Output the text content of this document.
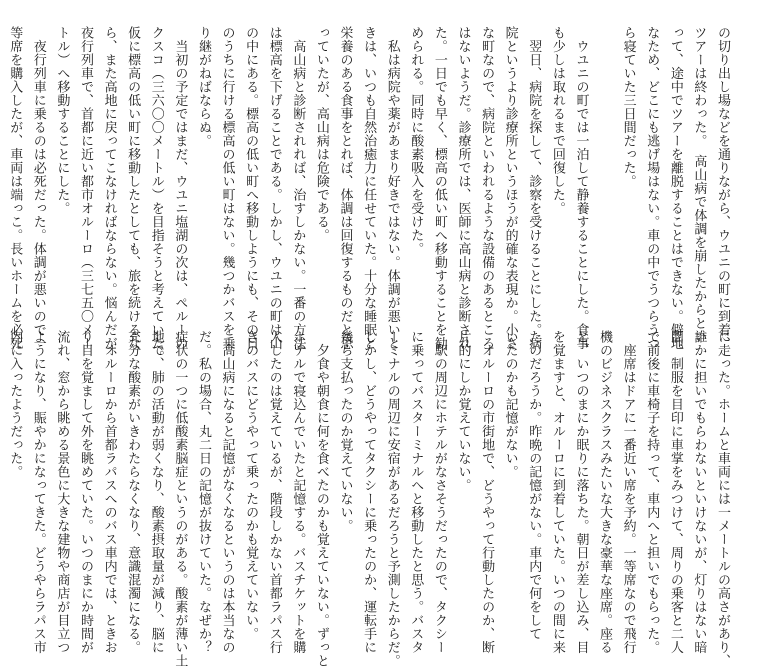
の切り出し場などを通りながら、ウユニの町に到着、
ツアーは終わった。　高山病で体調を崩したからとい
って、途中でツアーを離脱することはできない。僻地
なため、どこにも逃げ場はない。車の中でうつらうつ
ら寝ていた三日間だった。

　ウユニの町では一泊して静養することにした。食事
も少しは取れるまで回復した。
　翌日、病院を探して、診察を受けることにした。病
院というより診療所というほうが的確な表現か。小さ
な町なので、病院といわれるような設備のあるところ
はないようだ。診療所では、医師に高山病と診断され
た。一日でも早く、標高の低い町へ移動することを勧
められる。同時に酸素吸入を受けた。
　私は病院や薬があまり好きではない。体調が悪いと
きは、いつも自然治癒力に任せていた。十分な睡眠と
栄養のある食事をとれば、体調は回復するものだと思
っていたが、高山病は危険である。
　高山病と診断されれば、治すしかない。一番の方法
は標高を下げることである。しかし、ウユニの町は山
の中にある。標高の低い町へ移動しようにも、その日
のうちに行ける標高の低い町はない。幾つかバスを乗
り継がねばならぬ。
　当初の予定ではまだ、ウユニ塩湖の次は、ペルーの
クスコ（三六〇〇メートル）を目指そうと考えていた。
仮に標高の低い町に移動したとしても、旅を続けるな
ら、また高地に戻ってこなければならない。悩んだが、
夜行列車で、首都に近い都市オルーロ（三七五〇メー
トル）へ移動することにした。
　夜行列車に乗るのは必死だった。体調が悪いので一
等席を購入したが、車両は端っこ。長いホームを必死
に走った。ホームと車両には一メートルの高さがあり、
誰かに担いでもらわないといけないが、灯りはない暗
闇。制服を目印に車掌をみつけて、周りの乗客と二人
で前後に車椅子を持って、車内へと担いでもらった。
　座席はドアに一番近い席を予約。一等席なので飛行
機のビジネスクラスみたいな大きな豪華な座席。座る
と、いつのまにか眠りに落ちた。朝日が差し込み、目
を覚ますと、オルーロに到着していた。いつの間に来
たのだろうか。昨晩の記憶がない。車内で何をして
いたのかも記憶がない。
　オルーロの市街地で、どうやって行動したのか、断
片的にしか覚えていない。
　駅の周辺にホテルがなさそうだったので、タクシー
に乗ってバスターミナルへと移動したと思う。バスタ
ーミナルの周辺に安宿があるだろうと予測したからだ。
しかし、どうやってタクシーに乗ったのか、運転手に
幾ら支払ったのか覚えていない。
　夕食や朝食に何を食べたのかも覚えていない。ずっと
ホテルで寝込んでいたと記憶する。バスチケットを購
入したのは覚えているが、階段しかない首都ラパス行
きのバスにどうやって乗ったのかも覚えていない。
　高山病になると記憶がなくなるというのは本当なの
だ。私の場合、丸二日の記憶が抜けていた。なぜか？
症状の一つに低酸素脳症というのがある。酸素が薄い土
地で、肺の活動が弱くなり、酸素摂取量が減り、脳に
充分な酸素がいきわたらなくなり、意識混濁になる。
　オルーロから首都ラパスへのバス車内では、ときお
り目を覚まして外を眺めていた。いつのまにか時間が
流れ、窓から眺める景色に大きな建物や商店が目立つ
ようになり、賑やかになってきた。どうやらラパス市
内に入ったようだった。
